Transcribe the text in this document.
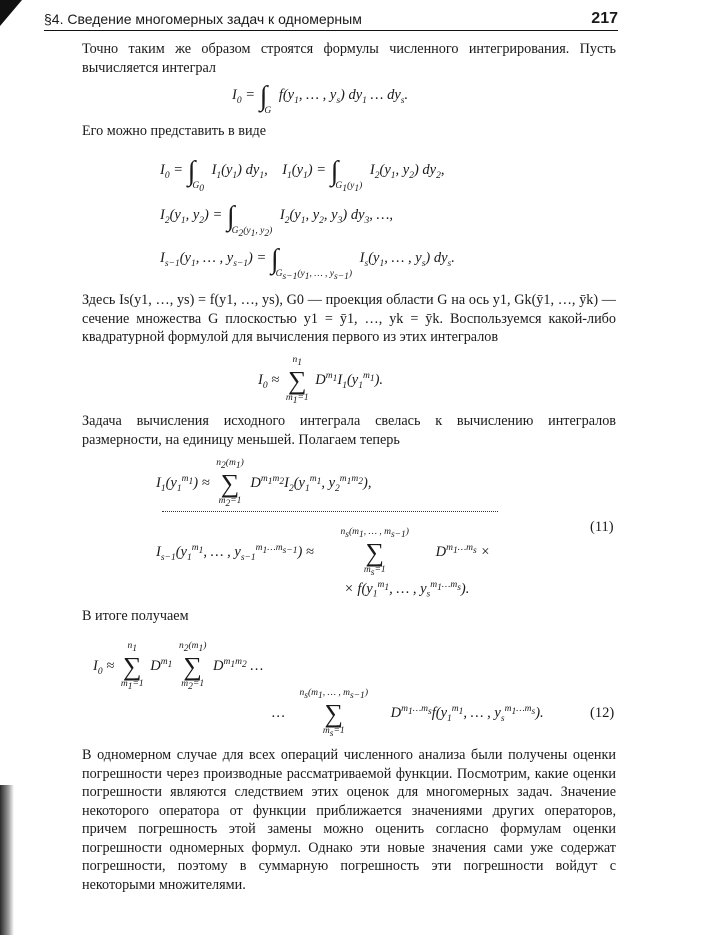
§4. Сведение многомерных задач к одномерным	217

Точно таким же образом строятся формулы численного интегрирования. Пусть вычисляется интеграл

$I_0 = \int_G$ $f(y_1$, … , $y_s$) $dy_1$ … $dy_s$.

Его можно представить в виде

$I_0 = \int_{G_0}$ $I_1(y_1)$ $dy_1$,    $I_1(y_1) = \int_{G_1(y_1)}$ $I_2(y_1$, $y_2$) $dy_2$,
$I_2(y_1$, $y_2) = \int_{G_2(y_1, y_2)}$ $I_2(y_1$, $y_2$, $y_3$) $dy_3$, …,
$I_{s-1}(y_1$, … , $y_{s-1}) = \int_{G_{s-1}(y_1, \dots , y_{s-1})}$ $I_s(y_1$, … , $y_s$) $dy_s$.

Здесь Is(y1, …, ys) = f(y1, …, ys), G0 — проекция области G на ось y1, Gk(ȳ1, …, ȳk) — сечение множества G плоскостью y1 = ȳ1, …, yk = ȳk. Воспользуемся какой-либо квадратурной формулой для вычисления первого из этих интегралов

$I_0$ ≈
$n_1$
∑
$m_1=1$
$D^{m_1}I_1(y_1^{m_1})$.

Задача вычисления исходного интеграла свелась к вычислению интегралов размерности, на единицу меньшей. Полагаем теперь

$I_1(y_1^{m_1})$ ≈
$n_2(m_1)$
∑
$m_2=1$
$D^{m_1m_2}I_2(y_1^{m_1}$, $y_2^{m_1m_2}$),
$I_{s-1}(y_1^{m_1}$, … , $y_{s-1}^{m_1\dots m_{s-1}}$) ≈
$n_s(m_1$, … , $m_{s-1}$)
∑
$m_s=1$
$D^{m_1\dots m_s}$ ×
× $f(y_1^{m_1}$, … , $y_s^{m_1\dots m_s}$).
(11)

В итоге получаем

$I_0$ ≈
$n_1$
∑
$m_1=1$
$D^{m_1}$
$n_2(m_1)$
∑
$m_2=1$
$D^{m_1m_2}$ …
…
$n_s(m_1$, … , $m_{s-1}$)
∑
$m_s=1$
$D^{m_1\dots m_s}f(y_1^{m_1}$, … , $y_s^{m_1\dots m_s}$).	(12)

В одномерном случае для всех операций численного анализа были получены оценки погрешности через производные рассматриваемой функции. Посмотрим, какие оценки погрешности являются следствием этих оценок для многомерных задач. Значение некоторого оператора от функции приближается значениями других операторов, причем погрешность этой замены можно оценить согласно формулам оценки погрешности одномерных формул. Однако эти новые значения сами уже содержат погрешности, поэтому в суммарную погрешность эти погрешности войдут с некоторыми множителями.
